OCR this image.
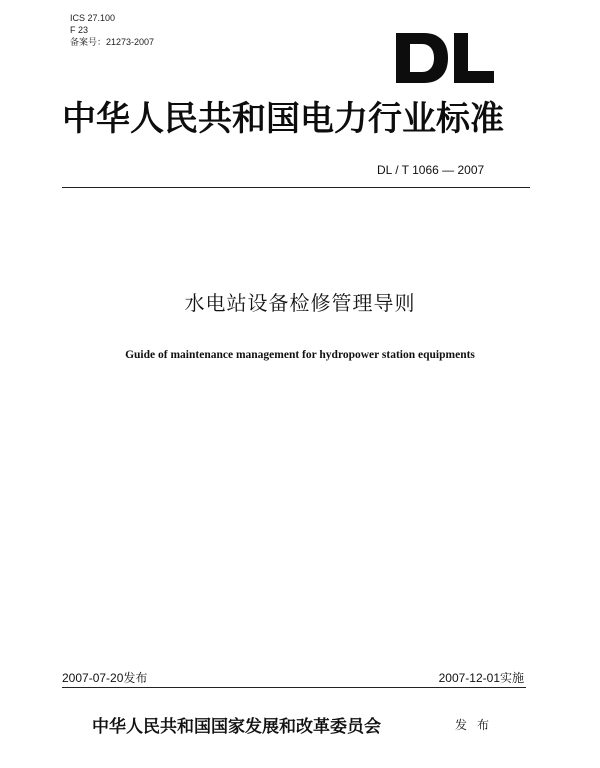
ICS 27.100
F 23
备案号：21273-2007
中华人民共和国电力行业标准
DL / T 1066 — 2007
水电站设备检修管理导则
Guide of maintenance management for hydropower station equipments
2007-07-20发布	2007-12-01实施
中华人民共和国国家发展和改革委员会	发布
